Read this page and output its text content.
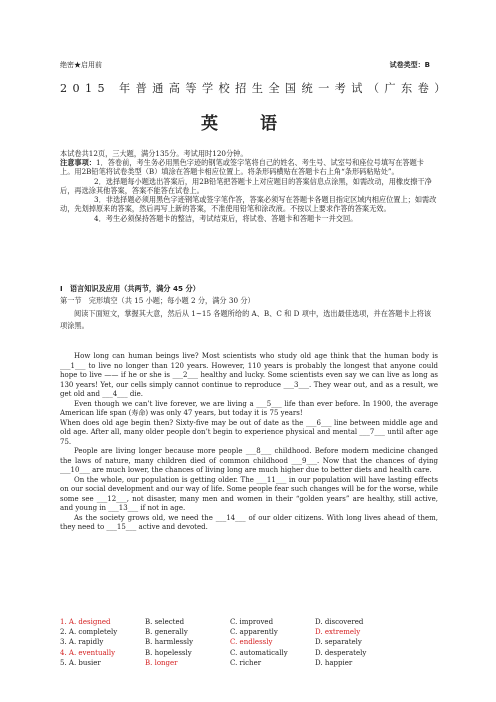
绝密★启用前	试卷类型：B
2015 年普通高等学校招生全国统一考试（广东卷）
英 语

本试卷共12页，三大题，满分135分。考试用时120分钟。

注意事项：1．答卷前，考生务必用黑色字迹的钢笔或签字笔将自己的姓名、考生号、试室号和座位号填写在答题卡上。用2B铅笔将试卷类型（B）填涂在答题卡相应位置上。将条形码横贴在答题卡右上角“条形码粘贴处”。

2．选择题每小题选出答案后，用2B铅笔把答题卡上对应题目的答案信息点涂黑，如需改动，用橡皮擦干净后，再选涂其他答案，答案不能答在试卷上。

3．非选择题必须用黑色字迹钢笔或签字笔作答，答案必须写在答题卡各题目指定区域内相应位置上；如需改动，先划掉原来的答案，然后再写上新的答案，不准使用铅笔和涂改液。不按以上要求作答的答案无效。

4．考生必须保持答题卡的整洁，考试结束后，将试卷、答题卡和答题卡一并交回。

I　语言知识及应用（共两节，满分 45 分）

第一节　完形填空（共 15 小题；每小题 2 分，满分 30 分）

阅读下面短文，掌握其大意，然后从 1~15 各题所给的 A、B、C 和 D 项中，选出最佳选项，并在答题卡上将该项涂黑。

How long can human beings live? Most scientists who study old age think that the human body is ___1___ to live no longer than 120 years. However, 110 years is probably the longest that anyone could hope to live —— if he or she is ___2___ healthy and lucky. Some scientists even say we can live as long as 130 years! Yet, our cells simply cannot continue to reproduce ___3___. They wear out, and as a result, we get old and ___4___ die.

Even though we can’t live forever, we are living a ___5___ life than ever before. In 1900, the average American life span (寿命) was only 47 years, but today it is 75 years!

When does old age begin then? Sixty-five may be out of date as the ___6___ line between middle age and old age. After all, many older people don’t begin to experience physical and mental ___7___ until after age 75.

People are living longer because more people ___8___ childhood. Before modern medicine changed the laws of nature, many children died of common childhood ___9___. Now that the chances of dying ___10___ are much lower, the chances of living long are much higher due to better diets and health care.

On the whole, our population is getting older. The ___11___ in our population will have lasting effects on our social development and our way of life. Some people fear such changes will be for the worse, while some see ___12___, not disaster, many men and women in their “golden years” are healthy, still active, and young in ___13___ if not in age.

As the society grows old, we need the ___14___ of our older citizens. With long lives ahead of them, they need to ___15___ active and devoted.

1. A. designed	B. selected	C. improved	D. discovered
2. A. completely	B. generally	C. apparently	D. extremely
3. A. rapidly	B. harmlessly	C. endlessly	D. separately
4. A. eventually	B. hopelessly	C. automatically	D. desperately
5. A. busier	B. longer	C. richer	D. happier
